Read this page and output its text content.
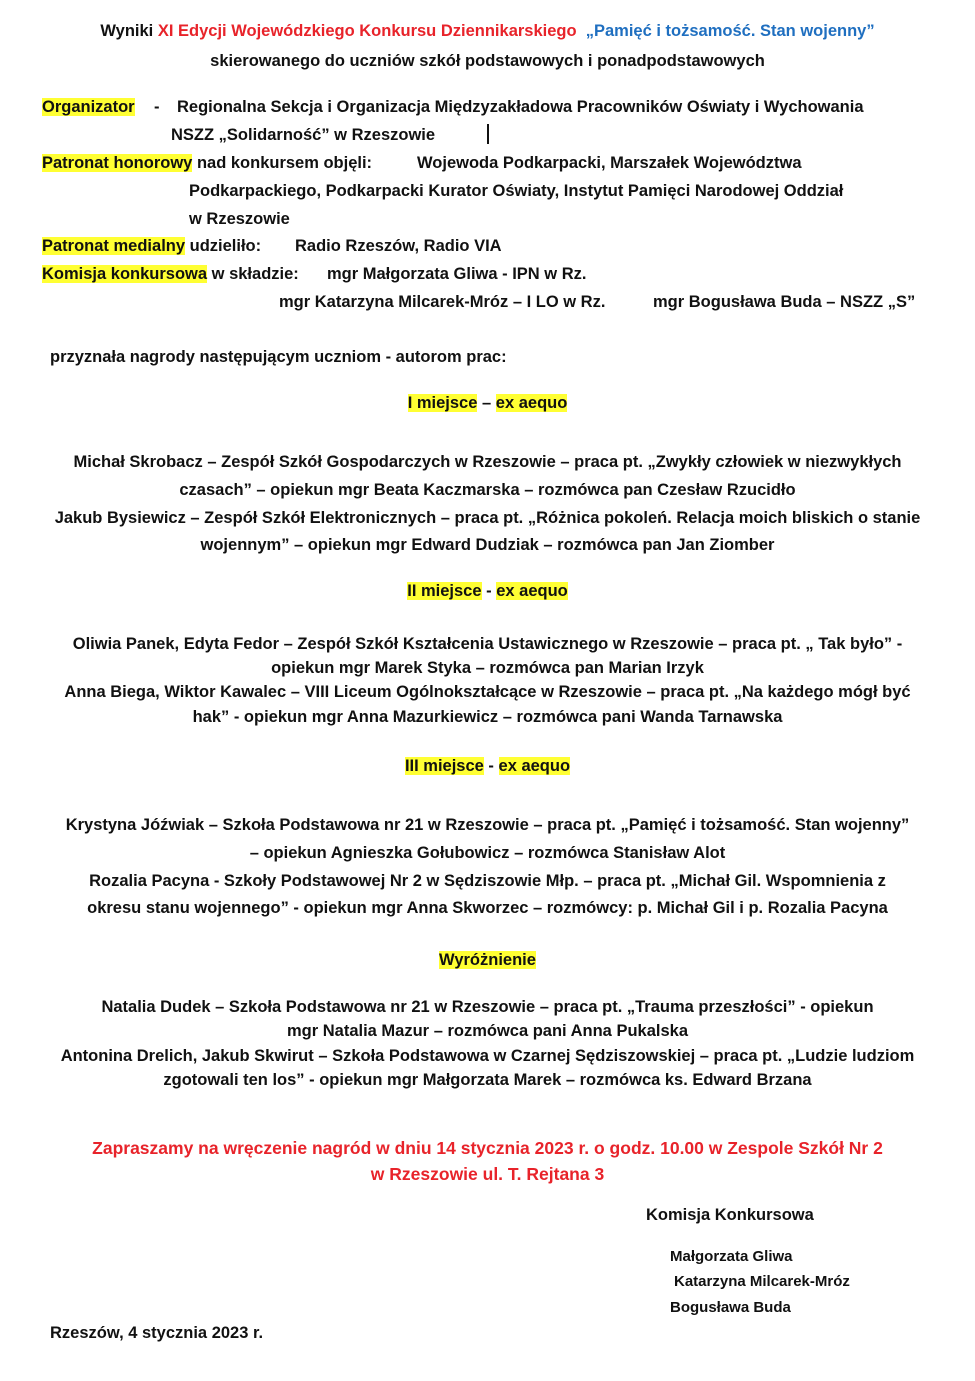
Wyniki XI Edycji Wojewódzkiego Konkursu Dziennikarskiego „Pamięć i tożsamość. Stan wojenny”
skierowanego do uczniów szkół podstawowych i ponadpodstawowych
Organizator - Regionalna Sekcja i Organizacja Międzyzakładowa Pracowników Oświaty i Wychowania
NSZZ „Solidarność” w Rzeszowie
Patronat honorowy nad konkursem objęli:	Wojewoda Podkarpacki, Marszałek Województwa
Podkarpackiego, Podkarpacki Kurator Oświaty, Instytut Pamięci Narodowej Oddział
w Rzeszowie
Patronat medialny udzieliło: Radio Rzeszów, Radio VIA
Komisja konkursowa w składzie: mgr Małgorzata Gliwa - IPN w Rz.
mgr Katarzyna Milcarek-Mróz – I LO w Rz.	mgr Bogusława Buda – NSZZ „S”
przyznała nagrody następującym uczniom - autorom prac:
I miejsce – ex aequo
Michał Skrobacz – Zespół Szkół Gospodarczych w Rzeszowie – praca pt. „Zwykły człowiek w niezwykłych
czasach” – opiekun mgr Beata Kaczmarska – rozmówca pan Czesław Rzucidło
Jakub Bysiewicz – Zespół Szkół Elektronicznych – praca pt. „Różnica pokoleń. Relacja moich bliskich o stanie
wojennym” – opiekun mgr Edward Dudziak – rozmówca pan Jan Ziomber
II miejsce - ex aequo
Oliwia Panek, Edyta Fedor – Zespół Szkół Kształcenia Ustawicznego w Rzeszowie – praca pt. „ Tak było” -
opiekun mgr Marek Styka – rozmówca pan Marian Irzyk
Anna Biega, Wiktor Kawalec – VIII Liceum Ogólnokształcące w Rzeszowie – praca pt. „Na każdego mógł być
hak” - opiekun mgr Anna Mazurkiewicz – rozmówca pani Wanda Tarnawska
III miejsce - ex aequo
Krystyna Jóźwiak – Szkoła Podstawowa nr 21 w Rzeszowie – praca pt. „Pamięć i tożsamość. Stan wojenny”
– opiekun Agnieszka Gołubowicz – rozmówca Stanisław Alot
Rozalia Pacyna - Szkoły Podstawowej Nr 2 w Sędziszowie Młp. – praca pt. „Michał Gil. Wspomnienia z
okresu stanu wojennego” - opiekun mgr Anna Skworzec – rozmówcy: p. Michał Gil i p. Rozalia Pacyna
Wyróżnienie
Natalia Dudek – Szkoła Podstawowa nr 21 w Rzeszowie – praca pt. „Trauma przeszłości” - opiekun
mgr Natalia Mazur – rozmówca pani Anna Pukalska
Antonina Drelich, Jakub Skwirut – Szkoła Podstawowa w Czarnej Sędziszowskiej – praca pt. „Ludzie ludziom
zgotowali ten los” - opiekun mgr Małgorzata Marek – rozmówca ks. Edward Brzana
Zapraszamy na wręczenie nagród w dniu 14 stycznia 2023 r. o godz. 10.00 w Zespole Szkół Nr 2
w Rzeszowie ul. T. Rejtana 3
Komisja Konkursowa
Małgorzata Gliwa
Katarzyna Milcarek-Mróz
Bogusława Buda
Rzeszów, 4 stycznia 2023 r.
